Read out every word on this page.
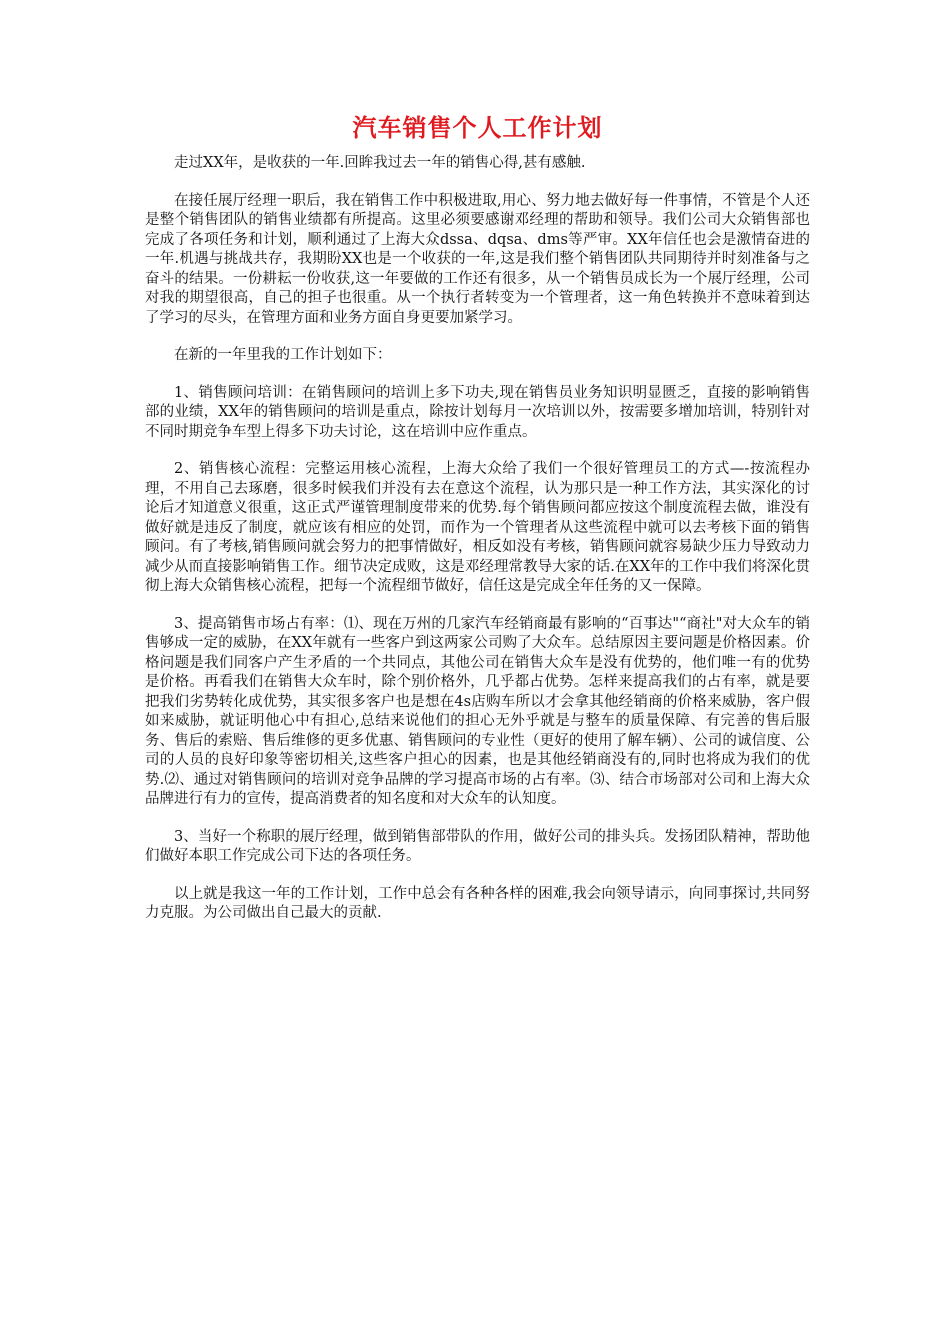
汽车销售个人工作计划

走过XX年，是收获的一年.回眸我过去一年的销售心得,甚有感触.

在接任展厅经理一职后，我在销售工作中积极进取,用心、努力地去做好每一件事情，不管是个人还是整个销售团队的销售业绩都有所提高。这里必须要感谢邓经理的帮助和领导。我们公司大众销售部也完成了各项任务和计划，顺利通过了上海大众dssa、dqsa、dms等严审。XX年信任也会是激情奋进的一年.机遇与挑战共存，我期盼XX也是一个收获的一年,这是我们整个销售团队共同期待并时刻准备与之奋斗的结果。一份耕耘一份收获,这一年要做的工作还有很多，从一个销售员成长为一个展厅经理，公司对我的期望很高，自己的担子也很重。从一个执行者转变为一个管理者，这一角色转换并不意味着到达了学习的尽头，在管理方面和业务方面自身更要加紧学习。

在新的一年里我的工作计划如下：

1、销售顾问培训：在销售顾问的培训上多下功夫,现在销售员业务知识明显匮乏，直接的影响销售部的业绩，XX年的销售顾问的培训是重点，除按计划每月一次培训以外，按需要多增加培训，特别针对不同时期竞争车型上得多下功夫讨论，这在培训中应作重点。

2、销售核心流程：完整运用核心流程，上海大众给了我们一个很好管理员工的方式—-按流程办理，不用自己去琢磨，很多时候我们并没有去在意这个流程，认为那只是一种工作方法，其实深化的讨论后才知道意义很重，这正式严谨管理制度带来的优势.每个销售顾问都应按这个制度流程去做，谁没有做好就是违反了制度，就应该有相应的处罚，而作为一个管理者从这些流程中就可以去考核下面的销售顾问。有了考核,销售顾问就会努力的把事情做好，相反如没有考核，销售顾问就容易缺少压力导致动力减少从而直接影响销售工作。细节决定成败，这是邓经理常教导大家的话.在XX年的工作中我们将深化贯彻上海大众销售核心流程，把每一个流程细节做好，信任这是完成全年任务的又一保障。

3、提高销售市场占有率：⑴、现在万州的几家汽车经销商最有影响的“百事达"“商社"对大众车的销售够成一定的威胁，在XX年就有一些客户到这两家公司购了大众车。总结原因主要问题是价格因素。价格问题是我们同客户产生矛盾的一个共同点，其他公司在销售大众车是没有优势的，他们唯一有的优势是价格。再看我们在销售大众车时，除个别价格外，几乎都占优势。怎样来提高我们的占有率，就是要把我们劣势转化成优势，其实很多客户也是想在4s店购车所以才会拿其他经销商的价格来威胁，客户假如来威胁，就证明他心中有担心,总结来说他们的担心无外乎就是与整车的质量保障、有完善的售后服务、售后的索赔、售后维修的更多优惠、销售顾问的专业性（更好的使用了解车辆）、公司的诚信度、公司的人员的良好印象等密切相关,这些客户担心的因素，也是其他经销商没有的,同时也将成为我们的优势.⑵、通过对销售顾问的培训对竞争品牌的学习提高市场的占有率。⑶、结合市场部对公司和上海大众品牌进行有力的宣传，提高消费者的知名度和对大众车的认知度。

3、当好一个称职的展厅经理，做到销售部带队的作用，做好公司的排头兵。发扬团队精神，帮助他们做好本职工作完成公司下达的各项任务。

以上就是我这一年的工作计划，工作中总会有各种各样的困难,我会向领导请示，向同事探讨,共同努力克服。为公司做出自己最大的贡献.
